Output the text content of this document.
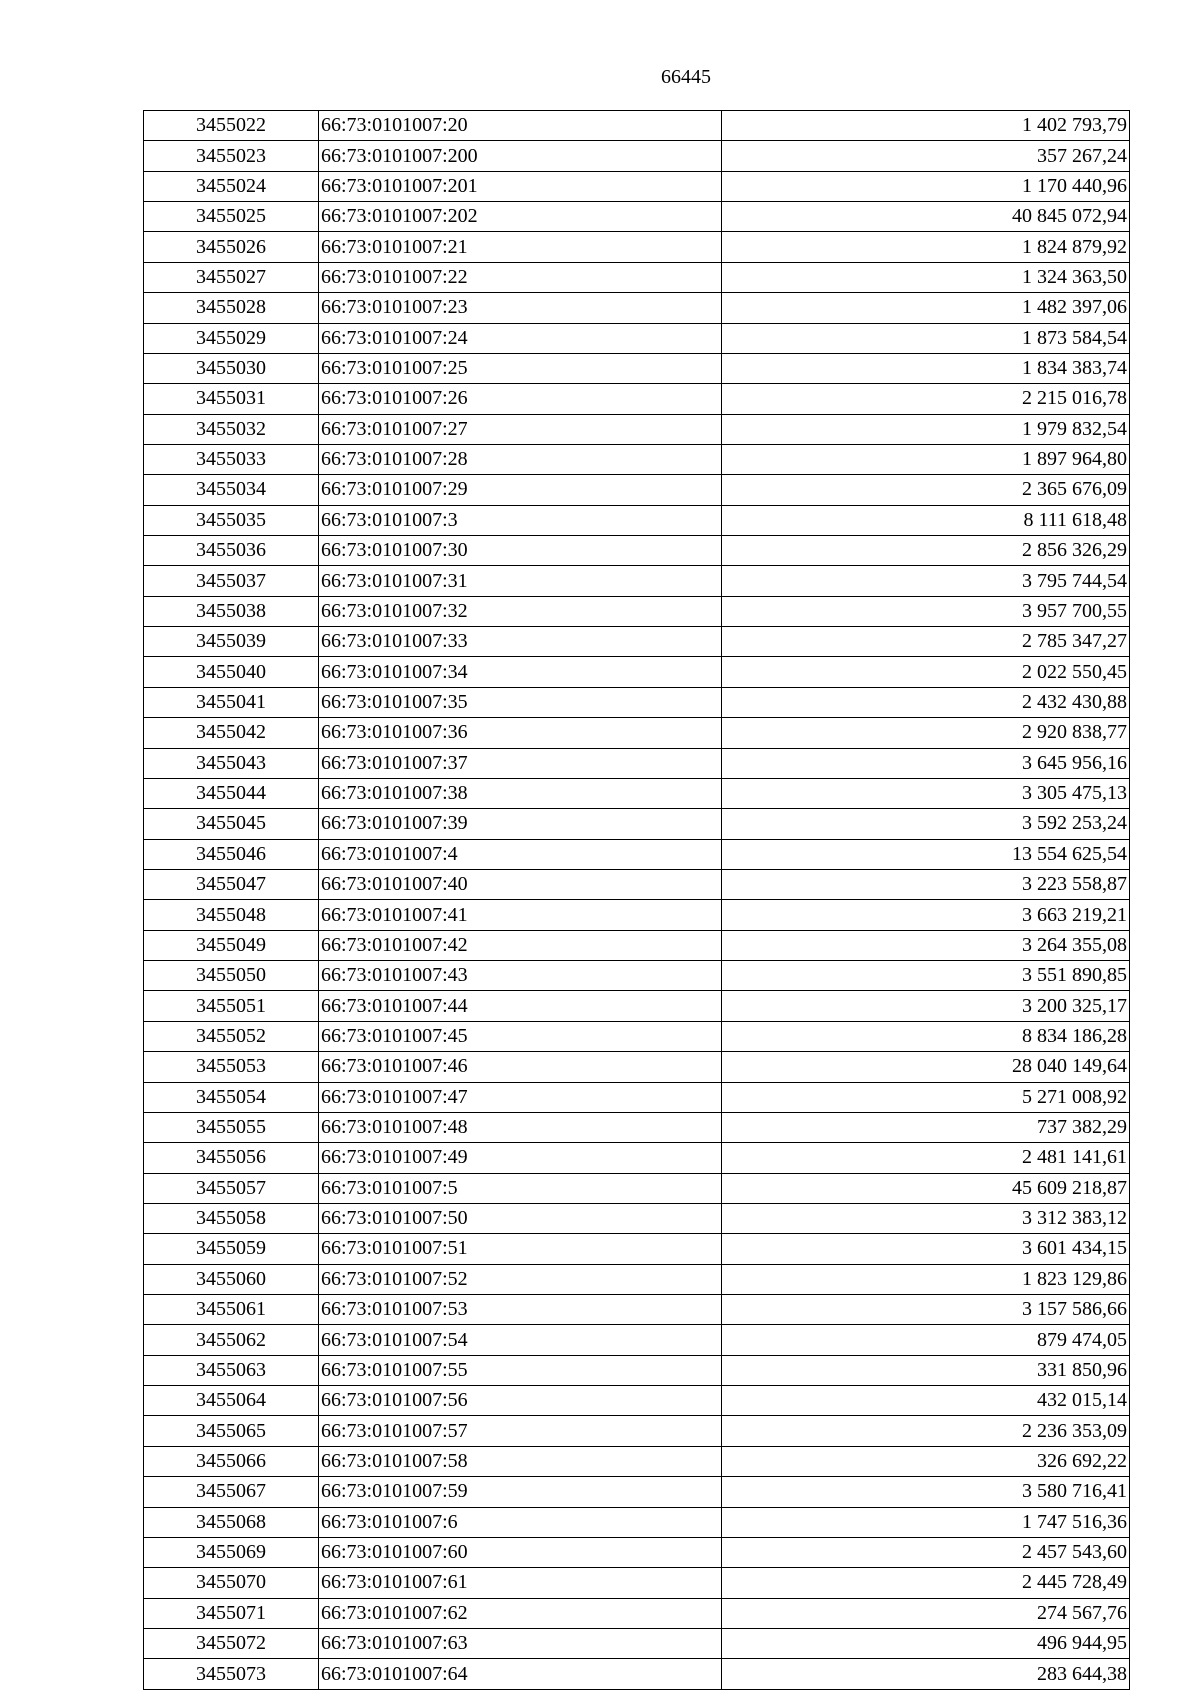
66445
3455022	66:73:0101007:20	1 402 793,79
3455023	66:73:0101007:200	357 267,24
3455024	66:73:0101007:201	1 170 440,96
3455025	66:73:0101007:202	40 845 072,94
3455026	66:73:0101007:21	1 824 879,92
3455027	66:73:0101007:22	1 324 363,50
3455028	66:73:0101007:23	1 482 397,06
3455029	66:73:0101007:24	1 873 584,54
3455030	66:73:0101007:25	1 834 383,74
3455031	66:73:0101007:26	2 215 016,78
3455032	66:73:0101007:27	1 979 832,54
3455033	66:73:0101007:28	1 897 964,80
3455034	66:73:0101007:29	2 365 676,09
3455035	66:73:0101007:3	8 111 618,48
3455036	66:73:0101007:30	2 856 326,29
3455037	66:73:0101007:31	3 795 744,54
3455038	66:73:0101007:32	3 957 700,55
3455039	66:73:0101007:33	2 785 347,27
3455040	66:73:0101007:34	2 022 550,45
3455041	66:73:0101007:35	2 432 430,88
3455042	66:73:0101007:36	2 920 838,77
3455043	66:73:0101007:37	3 645 956,16
3455044	66:73:0101007:38	3 305 475,13
3455045	66:73:0101007:39	3 592 253,24
3455046	66:73:0101007:4	13 554 625,54
3455047	66:73:0101007:40	3 223 558,87
3455048	66:73:0101007:41	3 663 219,21
3455049	66:73:0101007:42	3 264 355,08
3455050	66:73:0101007:43	3 551 890,85
3455051	66:73:0101007:44	3 200 325,17
3455052	66:73:0101007:45	8 834 186,28
3455053	66:73:0101007:46	28 040 149,64
3455054	66:73:0101007:47	5 271 008,92
3455055	66:73:0101007:48	737 382,29
3455056	66:73:0101007:49	2 481 141,61
3455057	66:73:0101007:5	45 609 218,87
3455058	66:73:0101007:50	3 312 383,12
3455059	66:73:0101007:51	3 601 434,15
3455060	66:73:0101007:52	1 823 129,86
3455061	66:73:0101007:53	3 157 586,66
3455062	66:73:0101007:54	879 474,05
3455063	66:73:0101007:55	331 850,96
3455064	66:73:0101007:56	432 015,14
3455065	66:73:0101007:57	2 236 353,09
3455066	66:73:0101007:58	326 692,22
3455067	66:73:0101007:59	3 580 716,41
3455068	66:73:0101007:6	1 747 516,36
3455069	66:73:0101007:60	2 457 543,60
3455070	66:73:0101007:61	2 445 728,49
3455071	66:73:0101007:62	274 567,76
3455072	66:73:0101007:63	496 944,95
3455073	66:73:0101007:64	283 644,38
